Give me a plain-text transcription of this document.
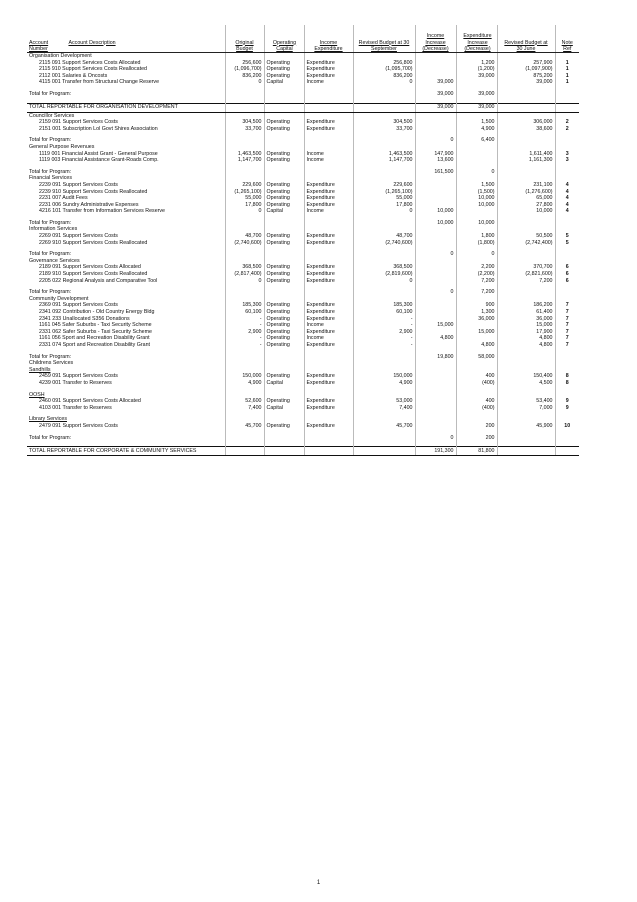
Account Number Account Description	Original Budget	Operating Capital	Income Expenditure	Revised Budget at 30 September	Income Increase (Decrease)	Expenditure Increase (Decrease)	Revised Budget at 30 June	Note Ref
Organisation Development								
2115 091 Support Services Costs Allocated	256,600	Operating	Expenditure	256,800		1,200	257,900	1
2115 910 Support Services Costs Reallocated	(1,096,700)	Operating	Expenditure	(1,095,700)		(1,200)	(1,097,900)	1
2112 001 Salaries & Oncosts	836,200	Operating	Expenditure	836,200		39,000	875,200	1
4115 001 Transfer from Structural Change Reserve	0	Capital	Income	0	39,000		39,000	1

Total for Program:					39,000	39,000		

TOTAL REPORTABLE FOR ORGANISATION DEVELOPMENT					39,000	39,000		
Councillor Services								
2159 091 Support Services Costs	304,500	Operating	Expenditure	304,500		1,500	306,000	2
2151 001 Subscription Lol Govt Shires Association	33,700	Operating	Expenditure	33,700		4,900	38,600	2

Total for Program:					0	6,400		
General Purpose Revenues								
1119 001 Financial Assist Grant - General Purpose	1,463,500	Operating	Income	1,463,500	147,900		1,611,400	3
1119 003 Financial Assistance Grant-Roads Comp.	1,147,700	Operating	Income	1,147,700	13,600		1,161,300	3

Total for Program:					161,500	0		
Financial Services								
2239 091 Support Services Costs	229,600	Operating	Expenditure	229,600		1,500	231,100	4
2239 910 Support Services Costs Reallocated	(1,265,100)	Operating	Expenditure	(1,265,100)		(1,500)	(1,276,600)	4
2231 007 Audit Fees	55,000	Operating	Expenditure	55,000		10,000	65,000	4
2231 006 Sundry Administrative Expenses	17,800	Operating	Expenditure	17,800		10,000	27,800	4
4216 101 Transfer from Information Services Reserve	0	Capital	Income	0	10,000		10,000	4

Total for Program:					10,000	10,000		
Information Services								
2269 091 Support Services Costs	48,700	Operating	Expenditure	48,700		1,800	50,500	5
2269 910 Support Services Costs Reallocated	(2,740,600)	Operating	Expenditure	(2,740,600)		(1,800)	(2,742,400)	5

Total for Program:					0	0		
Governance Services								
2189 091 Support Services Costs Allocated	368,500	Operating	Expenditure	368,500		2,200	370,700	6
2189 910 Support Services Costs Reallocated	(2,817,400)	Operating	Expenditure	(2,819,600)		(2,200)	(2,821,600)	6
2205 022 Regional Analysis and Comparative Tool	0	Operating	Expenditure	0		7,200	7,200	6

Total for Program:					0	7,200		
Community Development								
2369 091 Support Services Costs	185,300	Operating	Expenditure	185,300		900	186,200	7
2341 092 Contribution - Old Country Energy Bldg	60,100	Operating	Expenditure	60,100		1,300	61,400	7
2341 233 Unallocated S356 Donations	-	Operating	Expenditure	-		36,000	36,000	7
1161 045 Safer Suburbs - Taxi Security Scheme	-	Operating	Income	-	15,000		15,000	7
2331 062 Safer Suburbs - Taxi Security Scheme	2,900	Operating	Expenditure	2,900		15,000	17,900	7
1161 056 Sport and Recreation Disability Grant	-	Operating	Income	-	4,800		4,800	7
2331 074 Sport and Recreation Disability Grant	-	Operating	Expenditure	-		4,800	4,800	7

Total for Program:					19,800	58,000		
Childrens Services								
Sandhills								
2459 091 Support Services Costs	150,000	Operating	Expenditure	150,000		400	150,400	8
4239 001 Transfer to Reserves	4,900	Capital	Expenditure	4,900		(400)	4,500	8

OOSH								
2460 091 Support Services Costs Allocated	52,600	Operating	Expenditure	53,000		400	53,400	9
4103 001 Transfer to Reserves	7,400	Capital	Expenditure	7,400		(400)	7,000	9

Library Services								
2479 091 Support Services Costs	45,700	Operating	Expenditure	45,700		200	45,900	10

Total for Program:					0	200		

TOTAL REPORTABLE FOR CORPORATE & COMMUNITY SERVICES					191,300	81,800		
1
